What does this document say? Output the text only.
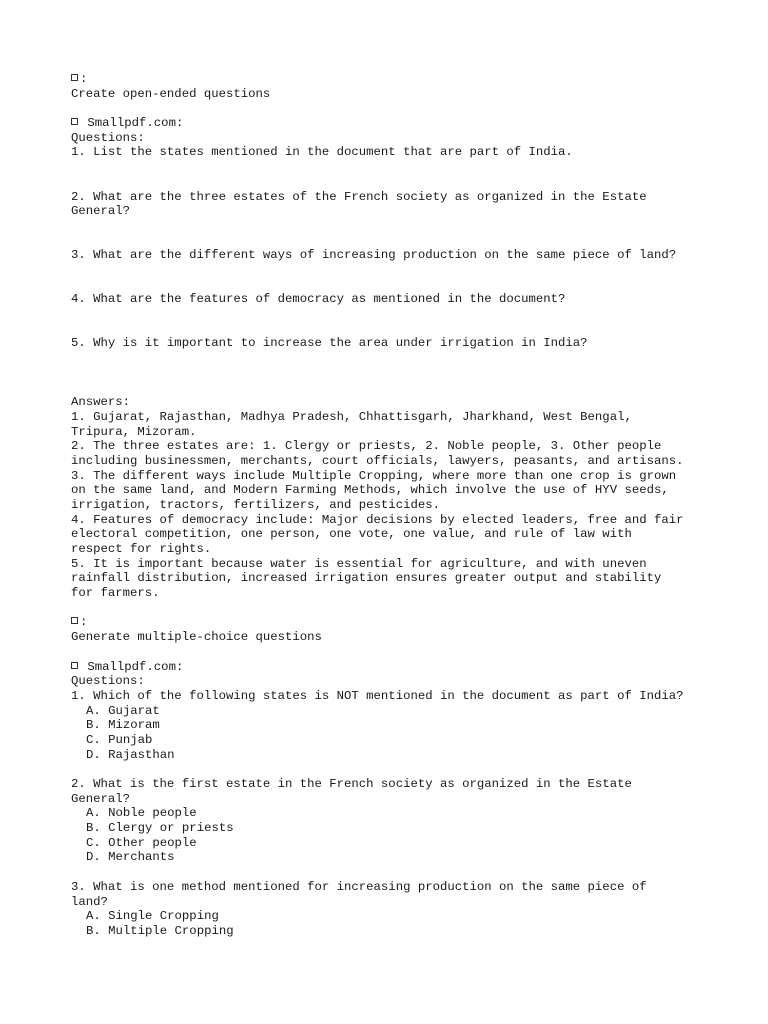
:
Create open-ended questions
Smallpdf.com:
Questions:
1. List the states mentioned in the document that are part of India.
2. What are the three estates of the French society as organized in the Estate
General?
3. What are the different ways of increasing production on the same piece of land?
4. What are the features of democracy as mentioned in the document?
5. Why is it important to increase the area under irrigation in India?
Answers:
1. Gujarat, Rajasthan, Madhya Pradesh, Chhattisgarh, Jharkhand, West Bengal,
Tripura, Mizoram.
2. The three estates are: 1. Clergy or priests, 2. Noble people, 3. Other people
including businessmen, merchants, court officials, lawyers, peasants, and artisans.
3. The different ways include Multiple Cropping, where more than one crop is grown
on the same land, and Modern Farming Methods, which involve the use of HYV seeds,
irrigation, tractors, fertilizers, and pesticides.
4. Features of democracy include: Major decisions by elected leaders, free and fair
electoral competition, one person, one vote, one value, and rule of law with
respect for rights.
5. It is important because water is essential for agriculture, and with uneven
rainfall distribution, increased irrigation ensures greater output and stability
for farmers.
:
Generate multiple-choice questions
Smallpdf.com:
Questions:
1. Which of the following states is NOT mentioned in the document as part of India?
A. Gujarat
B. Mizoram
C. Punjab
D. Rajasthan
2. What is the first estate in the French society as organized in the Estate
General?
A. Noble people
B. Clergy or priests
C. Other people
D. Merchants
3. What is one method mentioned for increasing production on the same piece of
land?
A. Single Cropping
B. Multiple Cropping
